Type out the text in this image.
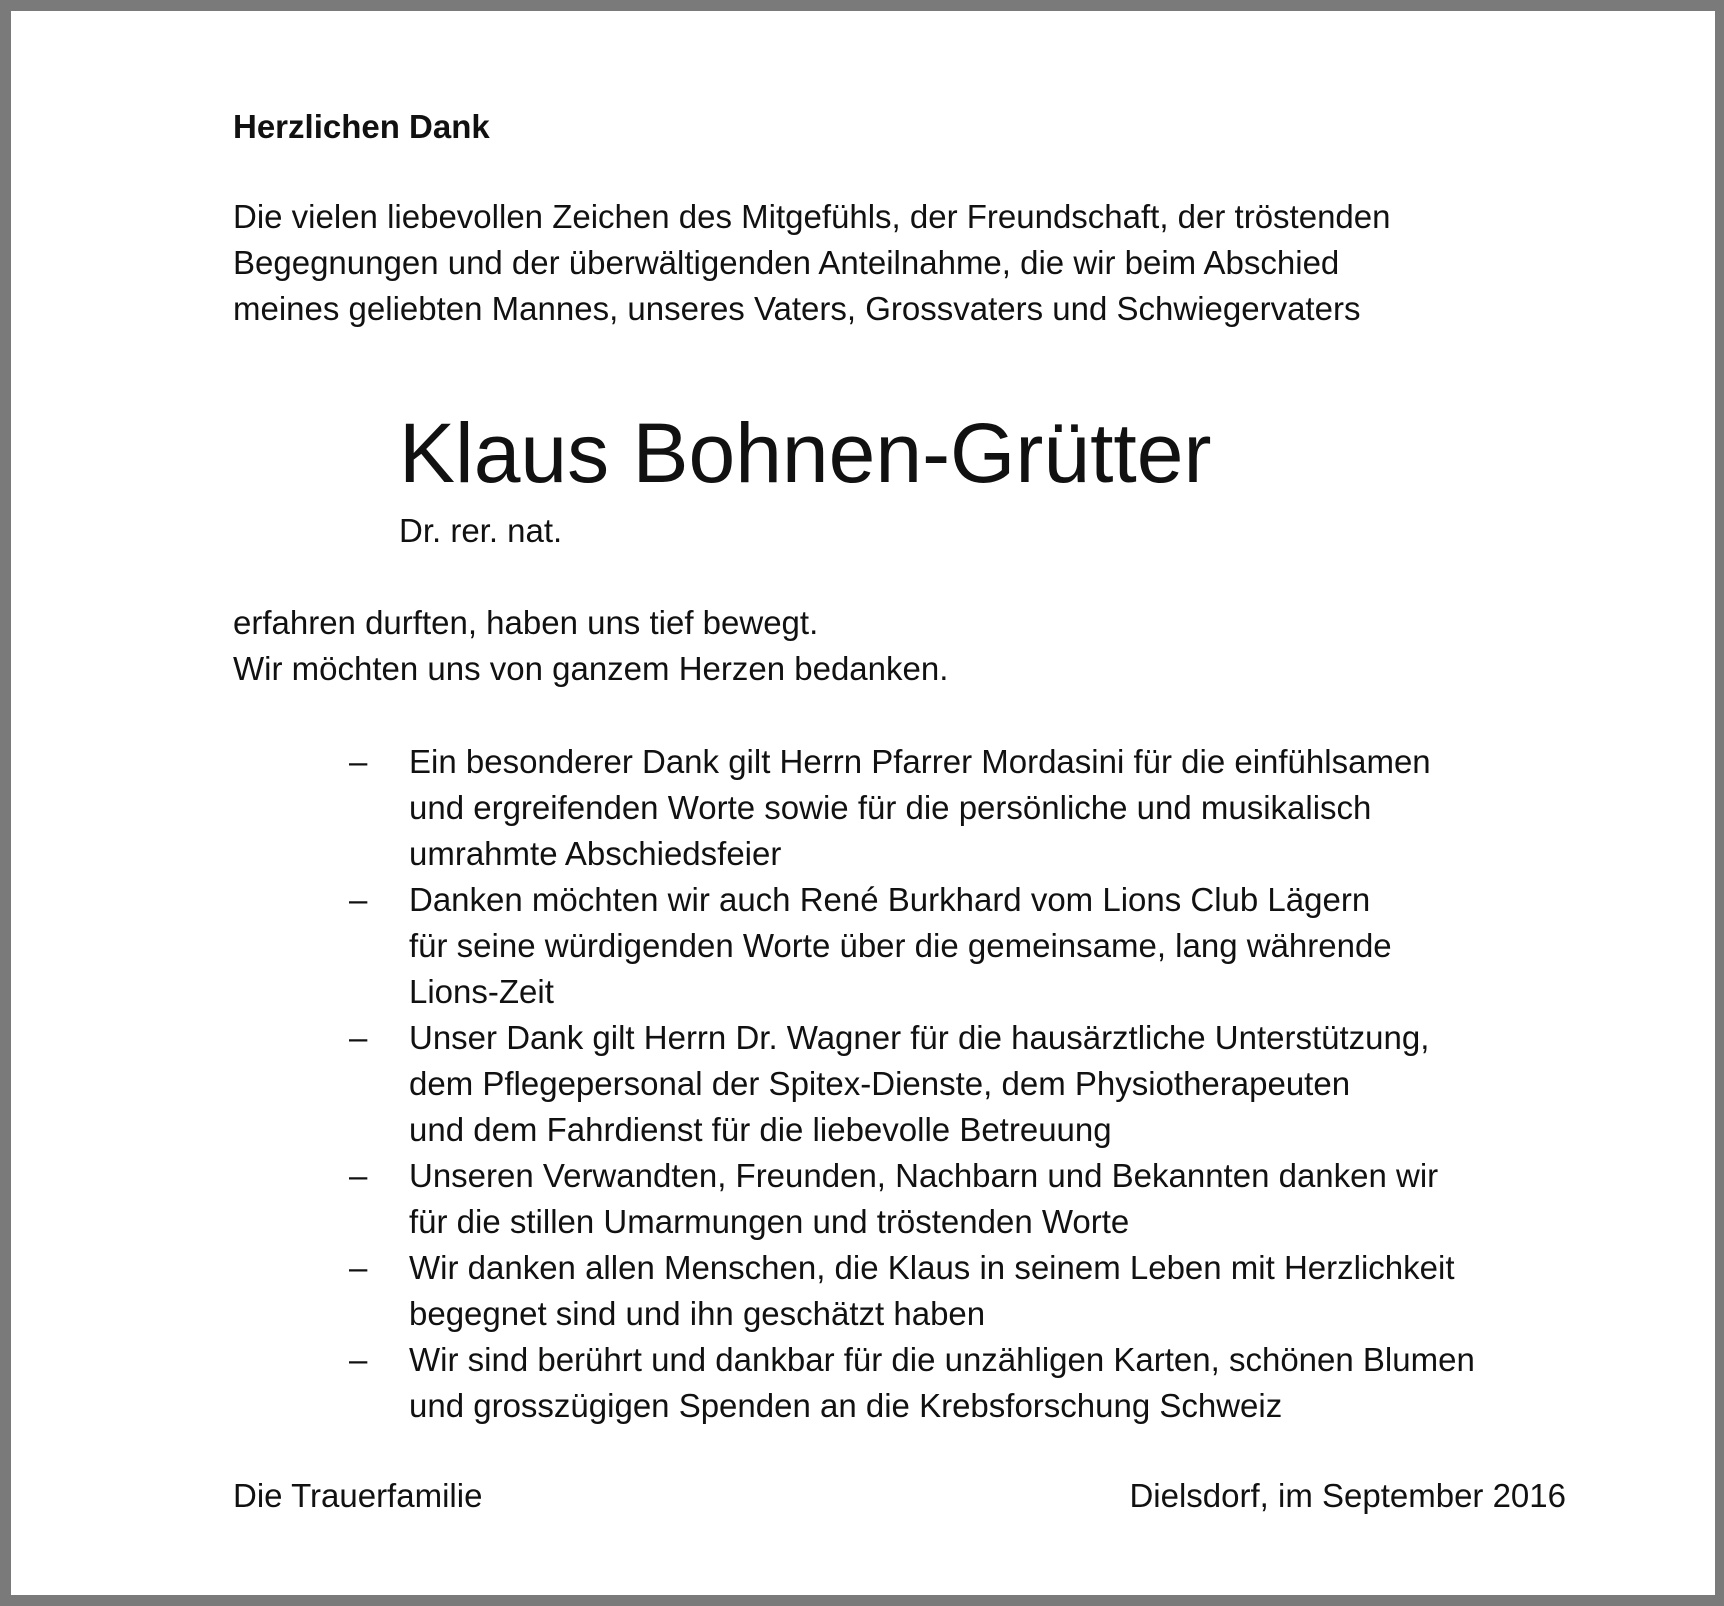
Herzlichen Dank
Die vielen liebevollen Zeichen des Mitgefühls, der Freundschaft, der tröstenden
Begegnungen und der überwältigenden Anteilnahme, die wir beim Abschied
meines geliebten Mannes, unseres Vaters, Grossvaters und Schwiegervaters
Klaus Bohnen-Grütter
Dr. rer. nat.
erfahren durften, haben uns tief bewegt.
Wir möchten uns von ganzem Herzen bedanken.
–	Ein besonderer Dank gilt Herrn Pfarrer Mordasini für die einfühlsamen
und ergreifenden Worte sowie für die persönliche und musikalisch
umrahmte Abschiedsfeier
–	Danken möchten wir auch René Burkhard vom Lions Club Lägern
für seine würdigenden Worte über die gemeinsame, lang währende
Lions-Zeit
–	Unser Dank gilt Herrn Dr. Wagner für die hausärztliche Unterstützung,
dem Pflegepersonal der Spitex-Dienste, dem Physiotherapeuten
und dem Fahrdienst für die liebevolle Betreuung
–	Unseren Verwandten, Freunden, Nachbarn und Bekannten danken wir
für die stillen Umarmungen und tröstenden Worte
–	Wir danken allen Menschen, die Klaus in seinem Leben mit Herzlichkeit
begegnet sind und ihn geschätzt haben
–	Wir sind berührt und dankbar für die unzähligen Karten, schönen Blumen
und grosszügigen Spenden an die Krebsforschung Schweiz
Die Trauerfamilie	Dielsdorf, im September 2016
